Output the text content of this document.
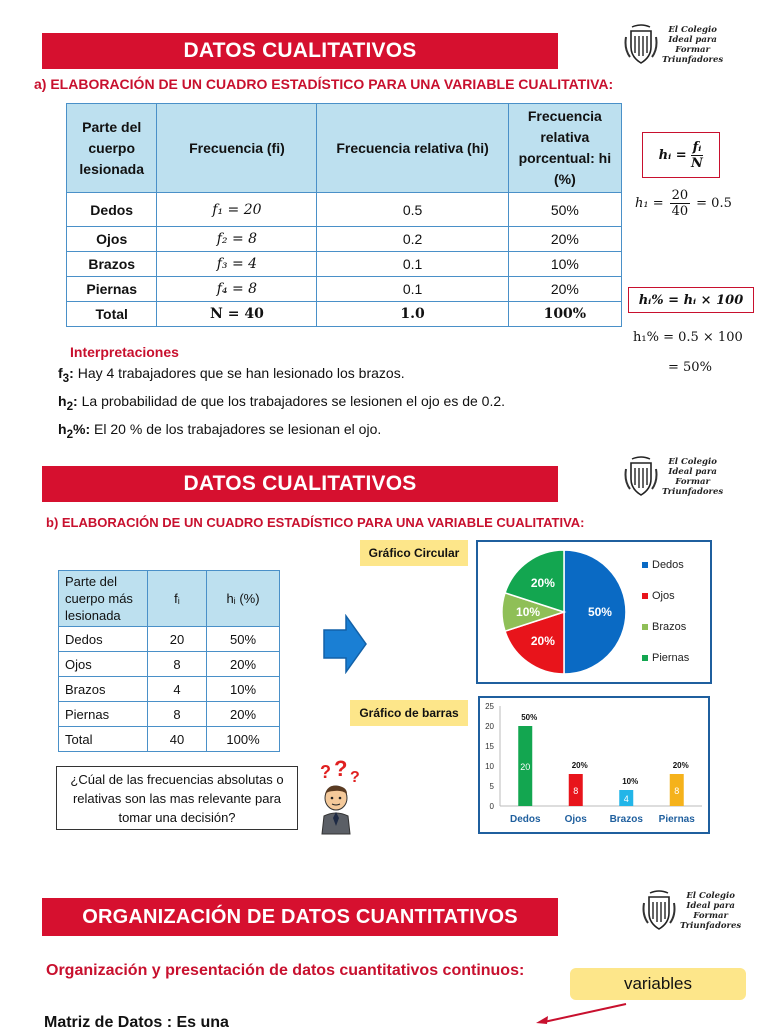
DATOS CUALITATIVOS
El Colegio
Ideal para
Formar
Triunfadores
a) ELABORACIÓN DE UN CUADRO ESTADÍSTICO PARA UNA VARIABLE CUALITATIVA:
Parte del cuerpo lesionada	Frecuencia (fi)	Frecuencia relativa (hi)	Frecuencia relativa porcentual: hi (%)
Dedos	f₁ = 20	0.5	50%
Ojos	f₂ = 8	0.2	20%
Brazos	f₃ = 4	0.1	10%
Piernas	f₄ = 8	0.1	20%
Total	N = 40	1.0	100%
hᵢ = $\frac{\text{fᵢ}}{N}$
$h_1 = \frac{20}{40} = 0.5$
hᵢ% = hᵢ × 100
h₁% = 0.5 × 100
= 50%
Interpretaciones

$f_3$: Hay 4 trabajadores que se han lesionado los brazos.

$h_2$: La probabilidad de que los trabajadores se lesionen el ojo es de 0.2.

$h_2\%$: El 20 % de los trabajadores se lesionan el ojo.

DATOS CUALITATIVOS
El Colegio
Ideal para
Formar
Triunfadores
b) ELABORACIÓN DE UN CUADRO ESTADÍSTICO PARA UNA VARIABLE CUALITATIVA:
Parte del cuerpo más lesionada	fᵢ	hᵢ (%)
Dedos	20	50%
Ojos	8	20%
Brazos	4	10%
Piernas	8	20%
Total	40	100%
Gráfico Circular
50%
20%
10%
20%
Dedos
Ojos
Brazos
Piernas
Gráfico de barras
0
5
10
15
20
25
20
50%
Dedos
8
20%
Ojos
4
10%
Brazos
8
20%
Piernas
¿Cúal de las frecuencias absolutas o relativas son las mas relevante para tomar una decisión?
? ? ?
ORGANIZACIÓN DE DATOS CUANTITATIVOS
El Colegio
Ideal para
Formar
Triunfadores
Organización y presentación de datos cuantitativos continuos:
variables
Matriz de Datos : Es una
